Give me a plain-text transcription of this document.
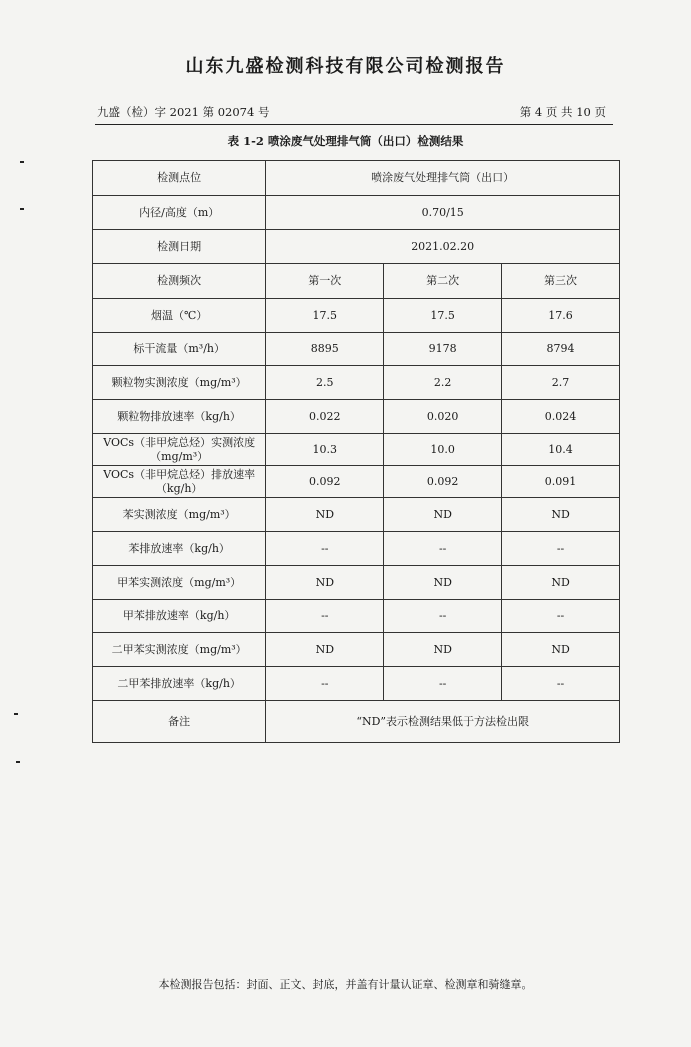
山东九盛检测科技有限公司检测报告
九盛（检）字 2021 第 02074 号	第 4 页 共 10 页
表 1-2 喷涂废气处理排气筒（出口）检测结果
检测点位	喷涂废气处理排气筒（出口）		
内径/高度（m）	0.70/15		
检测日期	2021.02.20		
检测频次	第一次	第二次	第三次
烟温（℃）	17.5	17.5	17.6
标干流量（m³/h）	8895	9178	8794
颗粒物实测浓度（mg/m³）	2.5	2.2	2.7
颗粒物排放速率（kg/h）	0.022	0.020	0.024
VOCs（非甲烷总烃）实测浓度（mg/m³）	10.3	10.0	10.4
VOCs（非甲烷总烃）排放速率（kg/h）	0.092	0.092	0.091
苯实测浓度（mg/m³）	ND	ND	ND
苯排放速率（kg/h）	--	--	--
甲苯实测浓度（mg/m³）	ND	ND	ND
甲苯排放速率（kg/h）	--	--	--
二甲苯实测浓度（mg/m³）	ND	ND	ND
二甲苯排放速率（kg/h）	--	--	--
备注	“ND”表示检测结果低于方法检出限		
本检测报告包括：封面、正文、封底，并盖有计量认证章、检测章和骑缝章。
